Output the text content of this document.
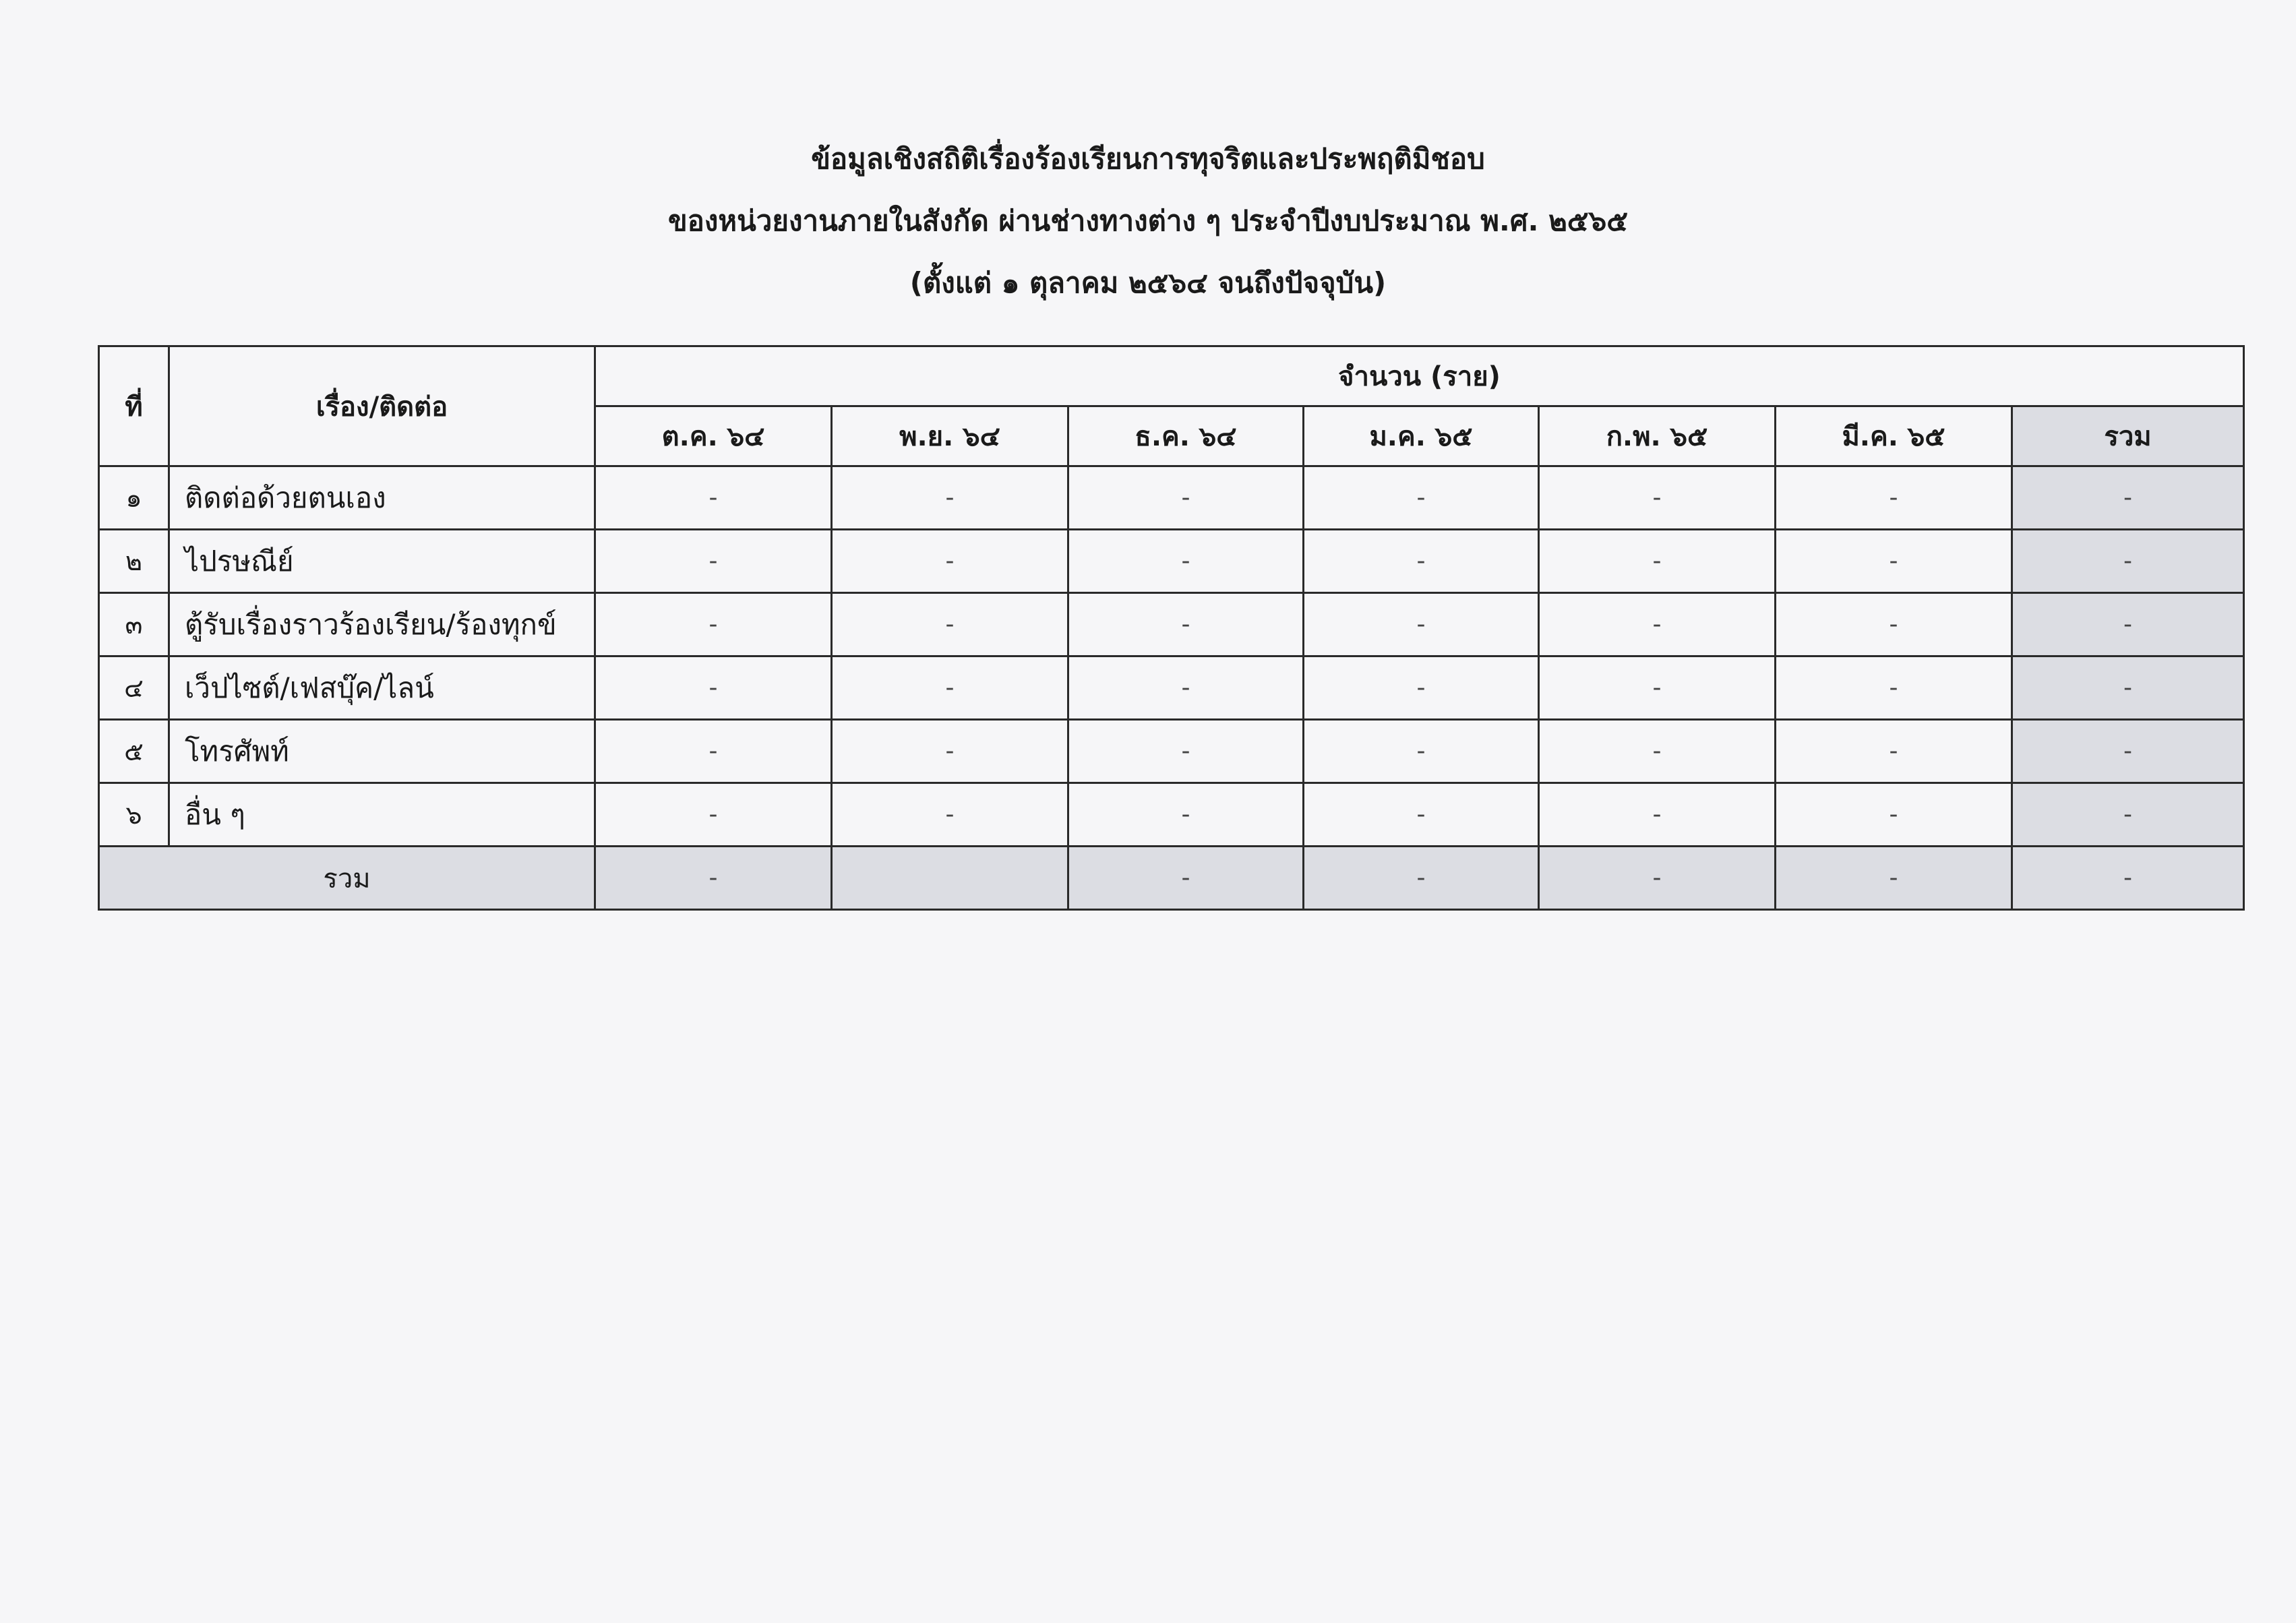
ข้อมูลเชิงสถิติเรื่องร้องเรียนการทุจริตและประพฤติมิชอบ
ของหน่วยงานภายในสังกัด ผ่านช่างทางต่าง ๆ ประจำปีงบประมาณ พ.ศ. ๒๕๖๕
(ตั้งแต่ ๑ ตุลาคม ๒๕๖๔ จนถึงปัจจุบัน)
ที่	เรื่อง/ติดต่อ	จำนวน (ราย)						
		ต.ค. ๖๔	พ.ย. ๖๔	ธ.ค. ๖๔	ม.ค. ๖๕	ก.พ. ๖๕	มี.ค. ๖๕	รวม
๑	ติดต่อด้วยตนเอง	-	-	-	-	-	-	-
๒	ไปรษณีย์	-	-	-	-	-	-	-
๓	ตู้รับเรื่องราวร้องเรียน/ร้องทุกข์	-	-	-	-	-	-	-
๔	เว็ปไซต์/เฟสบุ๊ค/ไลน์	-	-	-	-	-	-	-
๕	โทรศัพท์	-	-	-	-	-	-	-
๖	อื่น ๆ	-	-	-	-	-	-	-
รวม		-		-	-	-	-	-
